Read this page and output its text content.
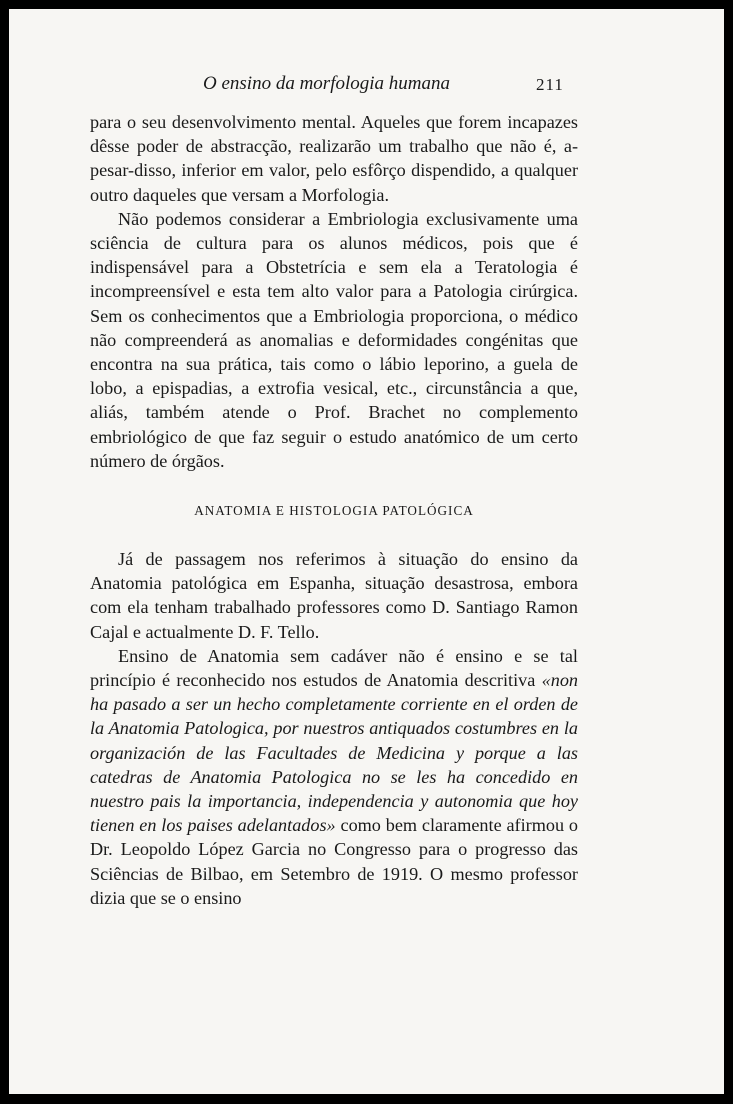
O ensino da morfologia humana	211

para o seu desenvolvimento mental. Aqueles que forem incapazes dêsse poder de abstracção, realizarão um trabalho que não é, a-pesar-disso, inferior em valor, pelo esfôrço dispendido, a qualquer outro daqueles que versam a Morfologia.

Não podemos considerar a Embriologia exclusivamente uma sciência de cultura para os alunos médicos, pois que é indispensável para a Obstetrícia e sem ela a Teratologia é incompreensível e esta tem alto valor para a Patologia cirúrgica. Sem os conhecimentos que a Embriologia proporciona, o médico não compreenderá as anomalias e deformidades congénitas que encontra na sua prática, tais como o lábio leporino, a guela de lobo, a epispadias, a extrofia vesical, etc., circunstância a que, aliás, também atende o Prof. Brachet no complemento embriológico de que faz seguir o estudo anatómico de um certo número de órgãos.

ANATOMIA E HISTOLOGIA PATOLÓGICA

Já de passagem nos referimos à situação do ensino da Anatomia patológica em Espanha, situação desastrosa, embora com ela tenham trabalhado professores como D. Santiago Ramon Cajal e actualmente D. F. Tello.

Ensino de Anatomia sem cadáver não é ensino e se tal princípio é reconhecido nos estudos de Anatomia descritiva «non ha pasado a ser un hecho completamente corriente en el orden de la Anatomia Patologica, por nuestros antiquados costumbres en la organización de las Facultades de Medicina y porque a las catedras de Anatomia Patologica no se les ha concedido en nuestro pais la importancia, independencia y autonomia que hoy tienen en los paises adelantados» como bem claramente afirmou o Dr. Leopoldo López Garcia no Congresso para o progresso das Sciências de Bilbao, em Setembro de 1919. O mesmo professor dizia que se o ensino
